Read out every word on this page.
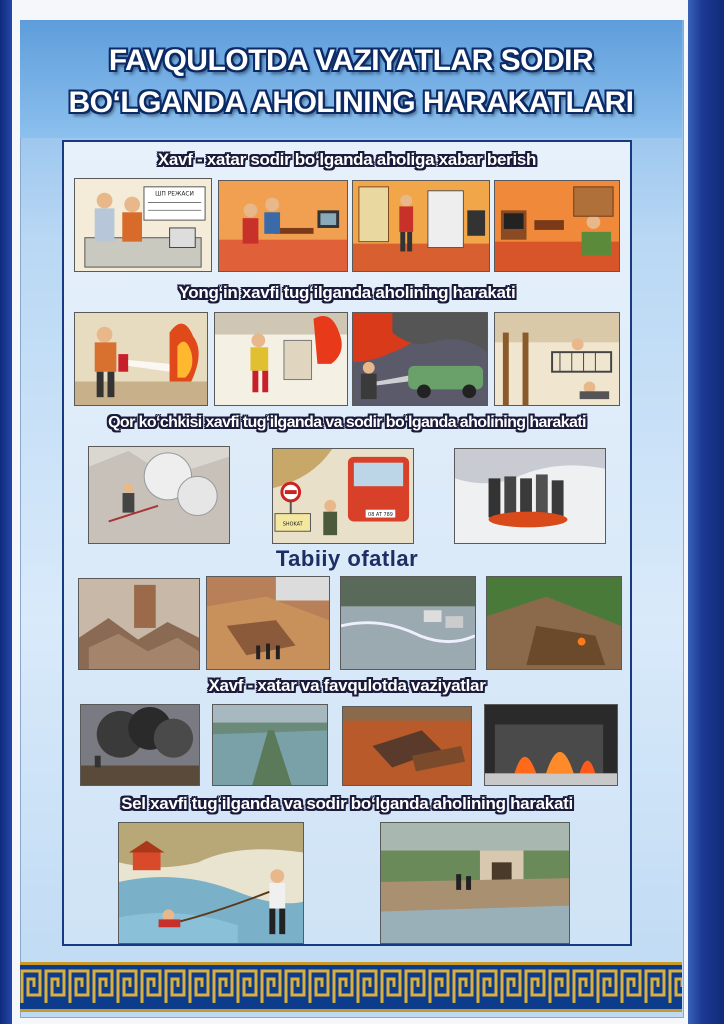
FAVQULOTDA VAZIYATLAR SODIR
BO‘LGANDA AHOLINING HARAKATLARI
Xavf - xatar sodir bo‘lganda aholiga xabar berish
ШП РЕЖАСИ
Yong‘in xavfi tug‘ilganda aholining harakati
Qor ko‘chkisi xavfi tug‘ilganda va sodir bo‘lganda aholining harakati
08 AT 789
SHOKAT
Tabiiy ofatlar
Xavf - xatar va favqulotda vaziyatlar
Sel xavfi tug‘ilganda va sodir bo‘lganda aholining harakati
